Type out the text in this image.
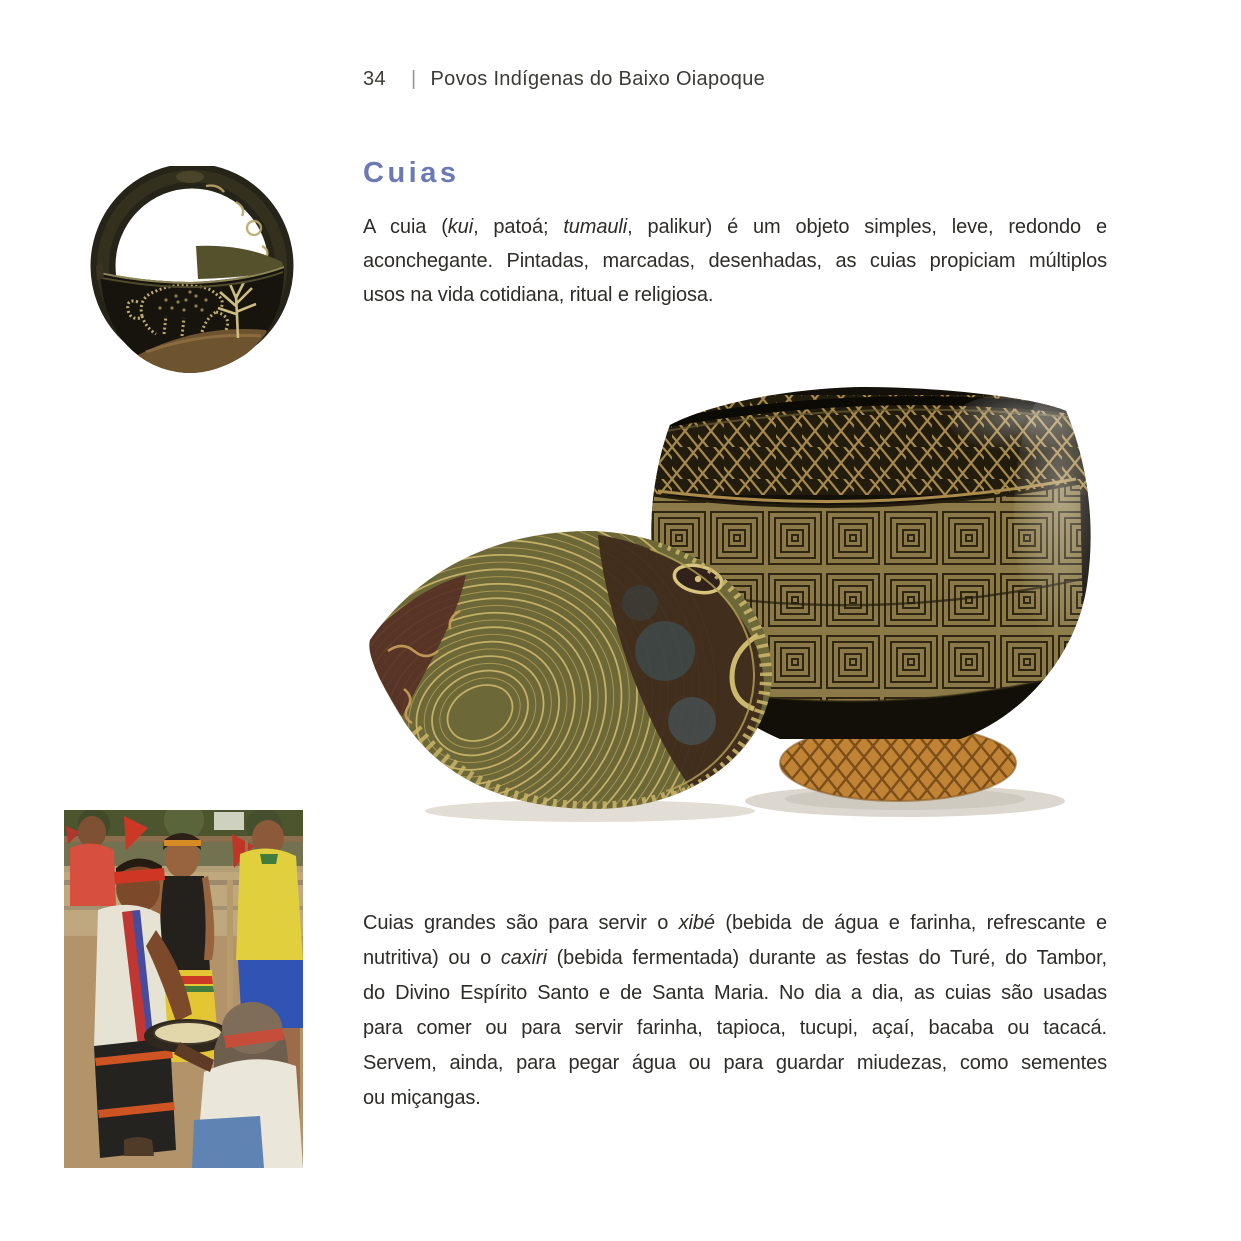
34	| Povos Indígenas do Baixo Oiapoque
Cuias
A cuia (kui, patoá; tumauli, palikur) é um objeto simples, leve, redondo e
aconchegante. Pintadas, marcadas, desenhadas, as cuias propiciam múltiplos
usos na vida cotidiana, ritual e religiosa.
Cuias grandes são para servir o xibé (bebida de água e farinha, refrescante e
nutritiva) ou o caxiri (bebida fermentada) durante as festas do Turé, do Tambor,
do Divino Espírito Santo e de Santa Maria. No dia a dia, as cuias são usadas
para comer ou para servir farinha, tapioca, tucupi, açaí, bacaba ou tacacá.
Servem, ainda, para pegar água ou para guardar miudezas, como sementes
ou miçangas.
